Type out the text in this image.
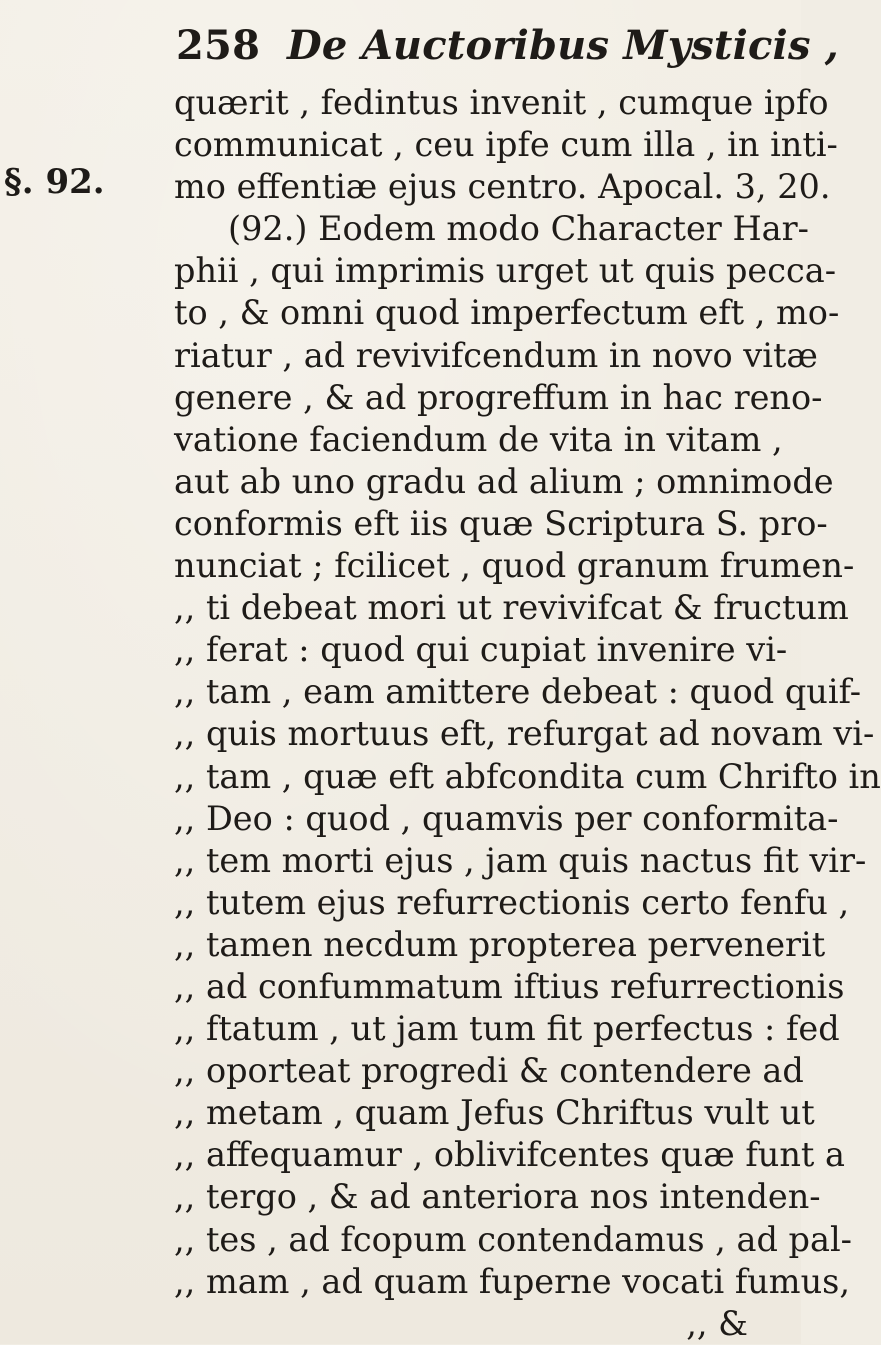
258 De Auctoribus Mysticis ,
§. 92.
quærit , fedintus invenit , cumque ipfo
communicat , ceu ipfe cum illa , in inti-
mo effentiæ ejus centro. Apocal. 3, 20.
(92.) Eodem modo Character Har-
phii , qui imprimis urget ut quis pecca-
to , & omni quod imperfectum eft , mo-
riatur , ad revivifcendum in novo vitæ
genere , & ad progreffum in hac reno-
vatione faciendum de vita in vitam ,
aut ab uno gradu ad alium ; omnimode
conformis eft iis quæ Scriptura S. pro-
nunciat ; fcilicet , quod granum frumen-
,, ti debeat mori ut revivifcat & fructum
,, ferat : quod qui cupiat invenire vi-
,, tam , eam amittere debeat : quod quif-
,, quis mortuus eft, refurgat ad novam vi-
,, tam , quæ eft abfcondita cum Chrifto in
,, Deo : quod , quamvis per conformita-
,, tem morti ejus , jam quis nactus fit vir-
,, tutem ejus refurrectionis certo fenfu ,
,, tamen necdum propterea pervenerit
,, ad confummatum iftius refurrectionis
,, ftatum , ut jam tum fit perfectus : fed
,, oporteat progredi & contendere ad
,, metam , quam Jefus Chriftus vult ut
,, affequamur , oblivifcentes quæ funt a
,, tergo , & ad anteriora nos intenden-
,, tes , ad fcopum contendamus , ad pal-
,, mam , ad quam fuperne vocati fumus,
,, &
